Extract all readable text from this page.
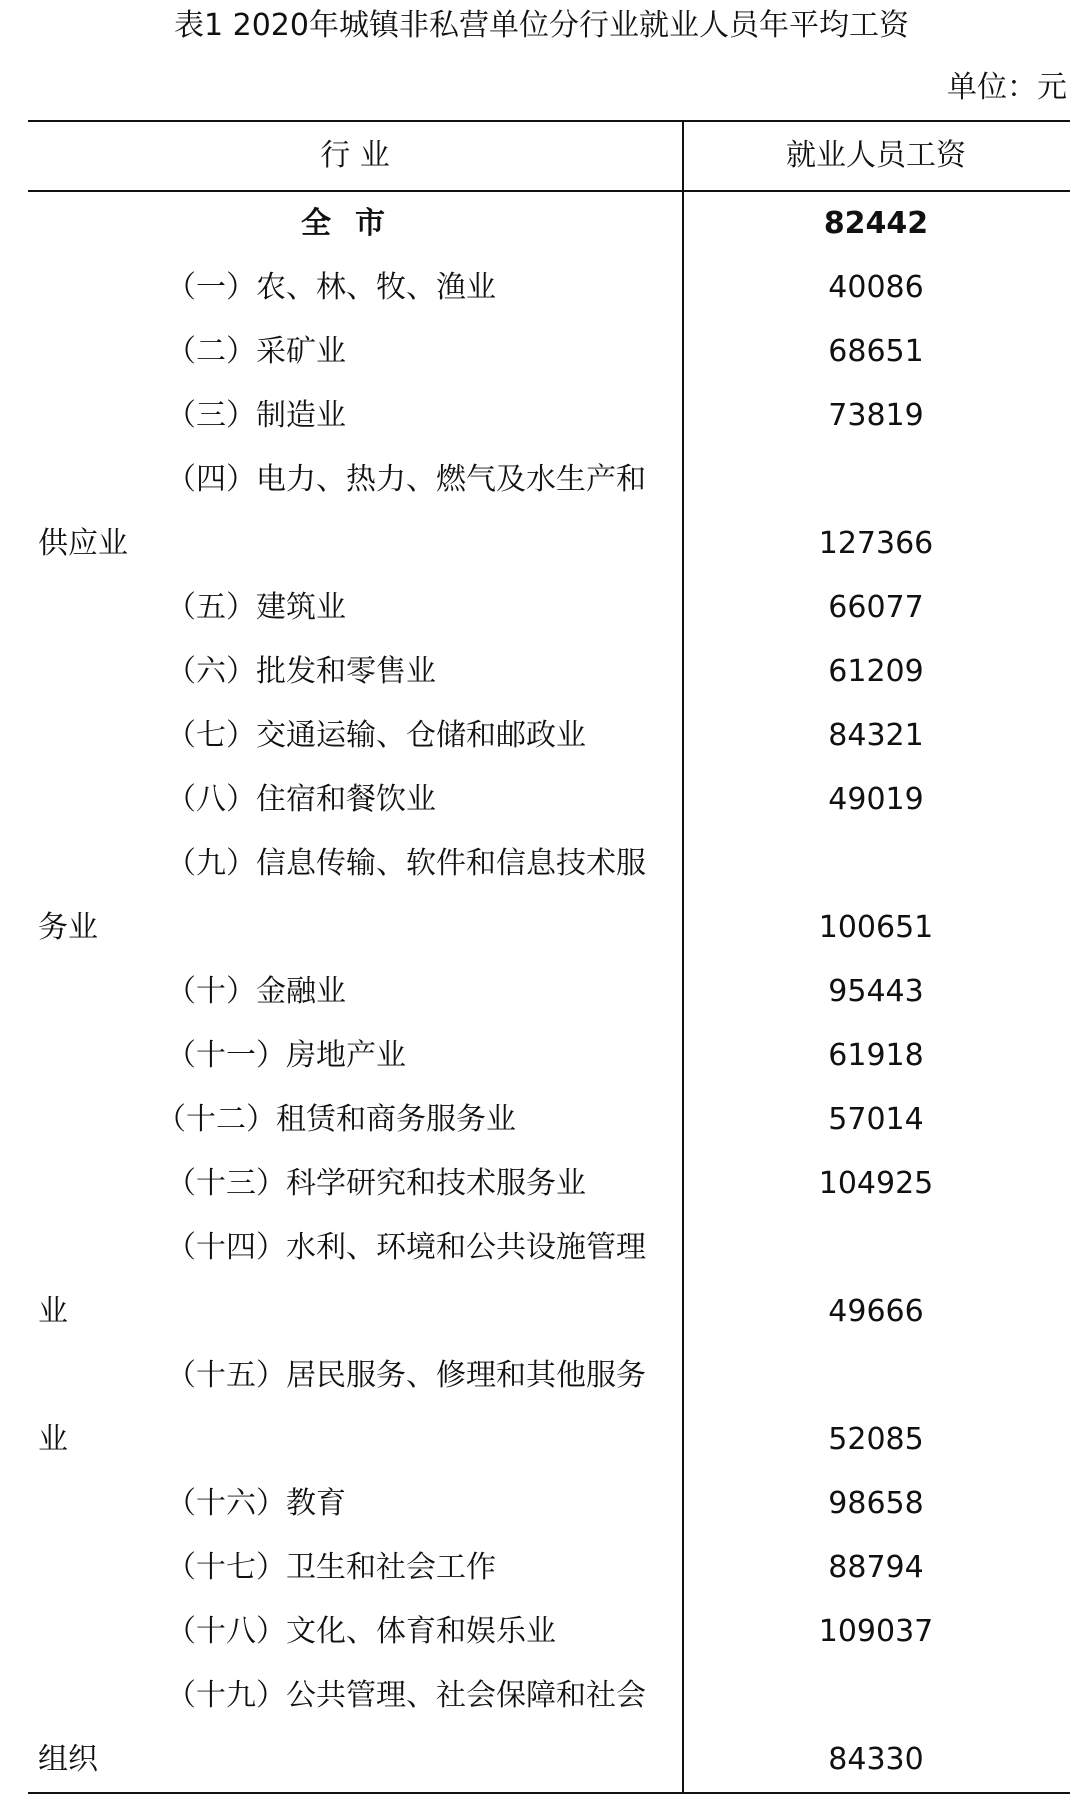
表1 2020年城镇非私营单位分行业就业人员年平均工资
单位：元
行 业	就业人员工资
全市	82442
（一）农、林、牧、渔业	40086
（二）采矿业	68651
（三）制造业	73819
（四）电力、热力、燃气及水生产和供应业	127366
（五）建筑业	66077
（六）批发和零售业	61209
（七）交通运输、仓储和邮政业	84321
（八）住宿和餐饮业	49019
（九）信息传输、软件和信息技术服务业	100651
（十）金融业	95443
（十一）房地产业	61918
（十二）租赁和商务服务业	57014
（十三）科学研究和技术服务业	104925
（十四）水利、环境和公共设施管理业	49666
（十五）居民服务、修理和其他服务业	52085
（十六）教育	98658
（十七）卫生和社会工作	88794
（十八）文化、体育和娱乐业	109037
（十九）公共管理、社会保障和社会组织	84330
